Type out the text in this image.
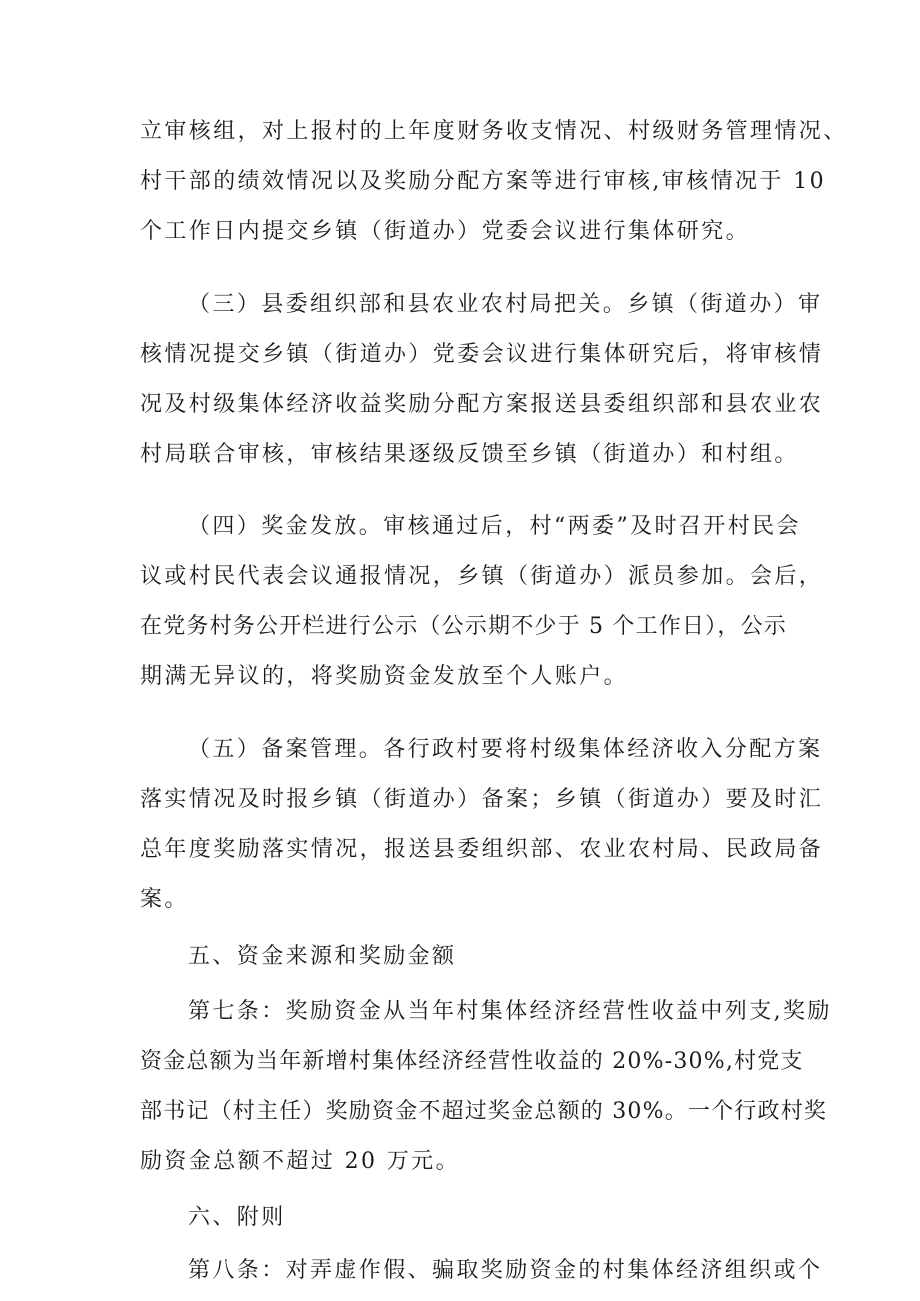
立审核组，对上报村的上年度财务收支情况、村级财务管理情况、
村干部的绩效情况以及奖励分配方案等进行审核,审核情况于 10
个工作日内提交乡镇（街道办）党委会议进行集体研究。
（三）县委组织部和县农业农村局把关。乡镇（街道办）审
核情况提交乡镇（街道办）党委会议进行集体研究后，将审核情
况及村级集体经济收益奖励分配方案报送县委组织部和县农业农
村局联合审核，审核结果逐级反馈至乡镇（街道办）和村组。
（四）奖金发放。审核通过后，村“两委”及时召开村民会
议或村民代表会议通报情况，乡镇（街道办）派员参加。会后，
在党务村务公开栏进行公示（公示期不少于 5 个工作日），公示
期满无异议的，将奖励资金发放至个人账户。
（五）备案管理。各行政村要将村级集体经济收入分配方案
落实情况及时报乡镇（街道办）备案；乡镇（街道办）要及时汇
总年度奖励落实情况，报送县委组织部、农业农村局、民政局备
案。
五、资金来源和奖励金额
第七条：奖励资金从当年村集体经济经营性收益中列支,奖励
资金总额为当年新增村集体经济经营性收益的 20%-30%,村党支
部书记（村主任）奖励资金不超过奖金总额的 30%。一个行政村奖
励资金总额不超过 20 万元。
六、附则
第八条：对弄虚作假、骗取奖励资金的村集体经济组织或个
